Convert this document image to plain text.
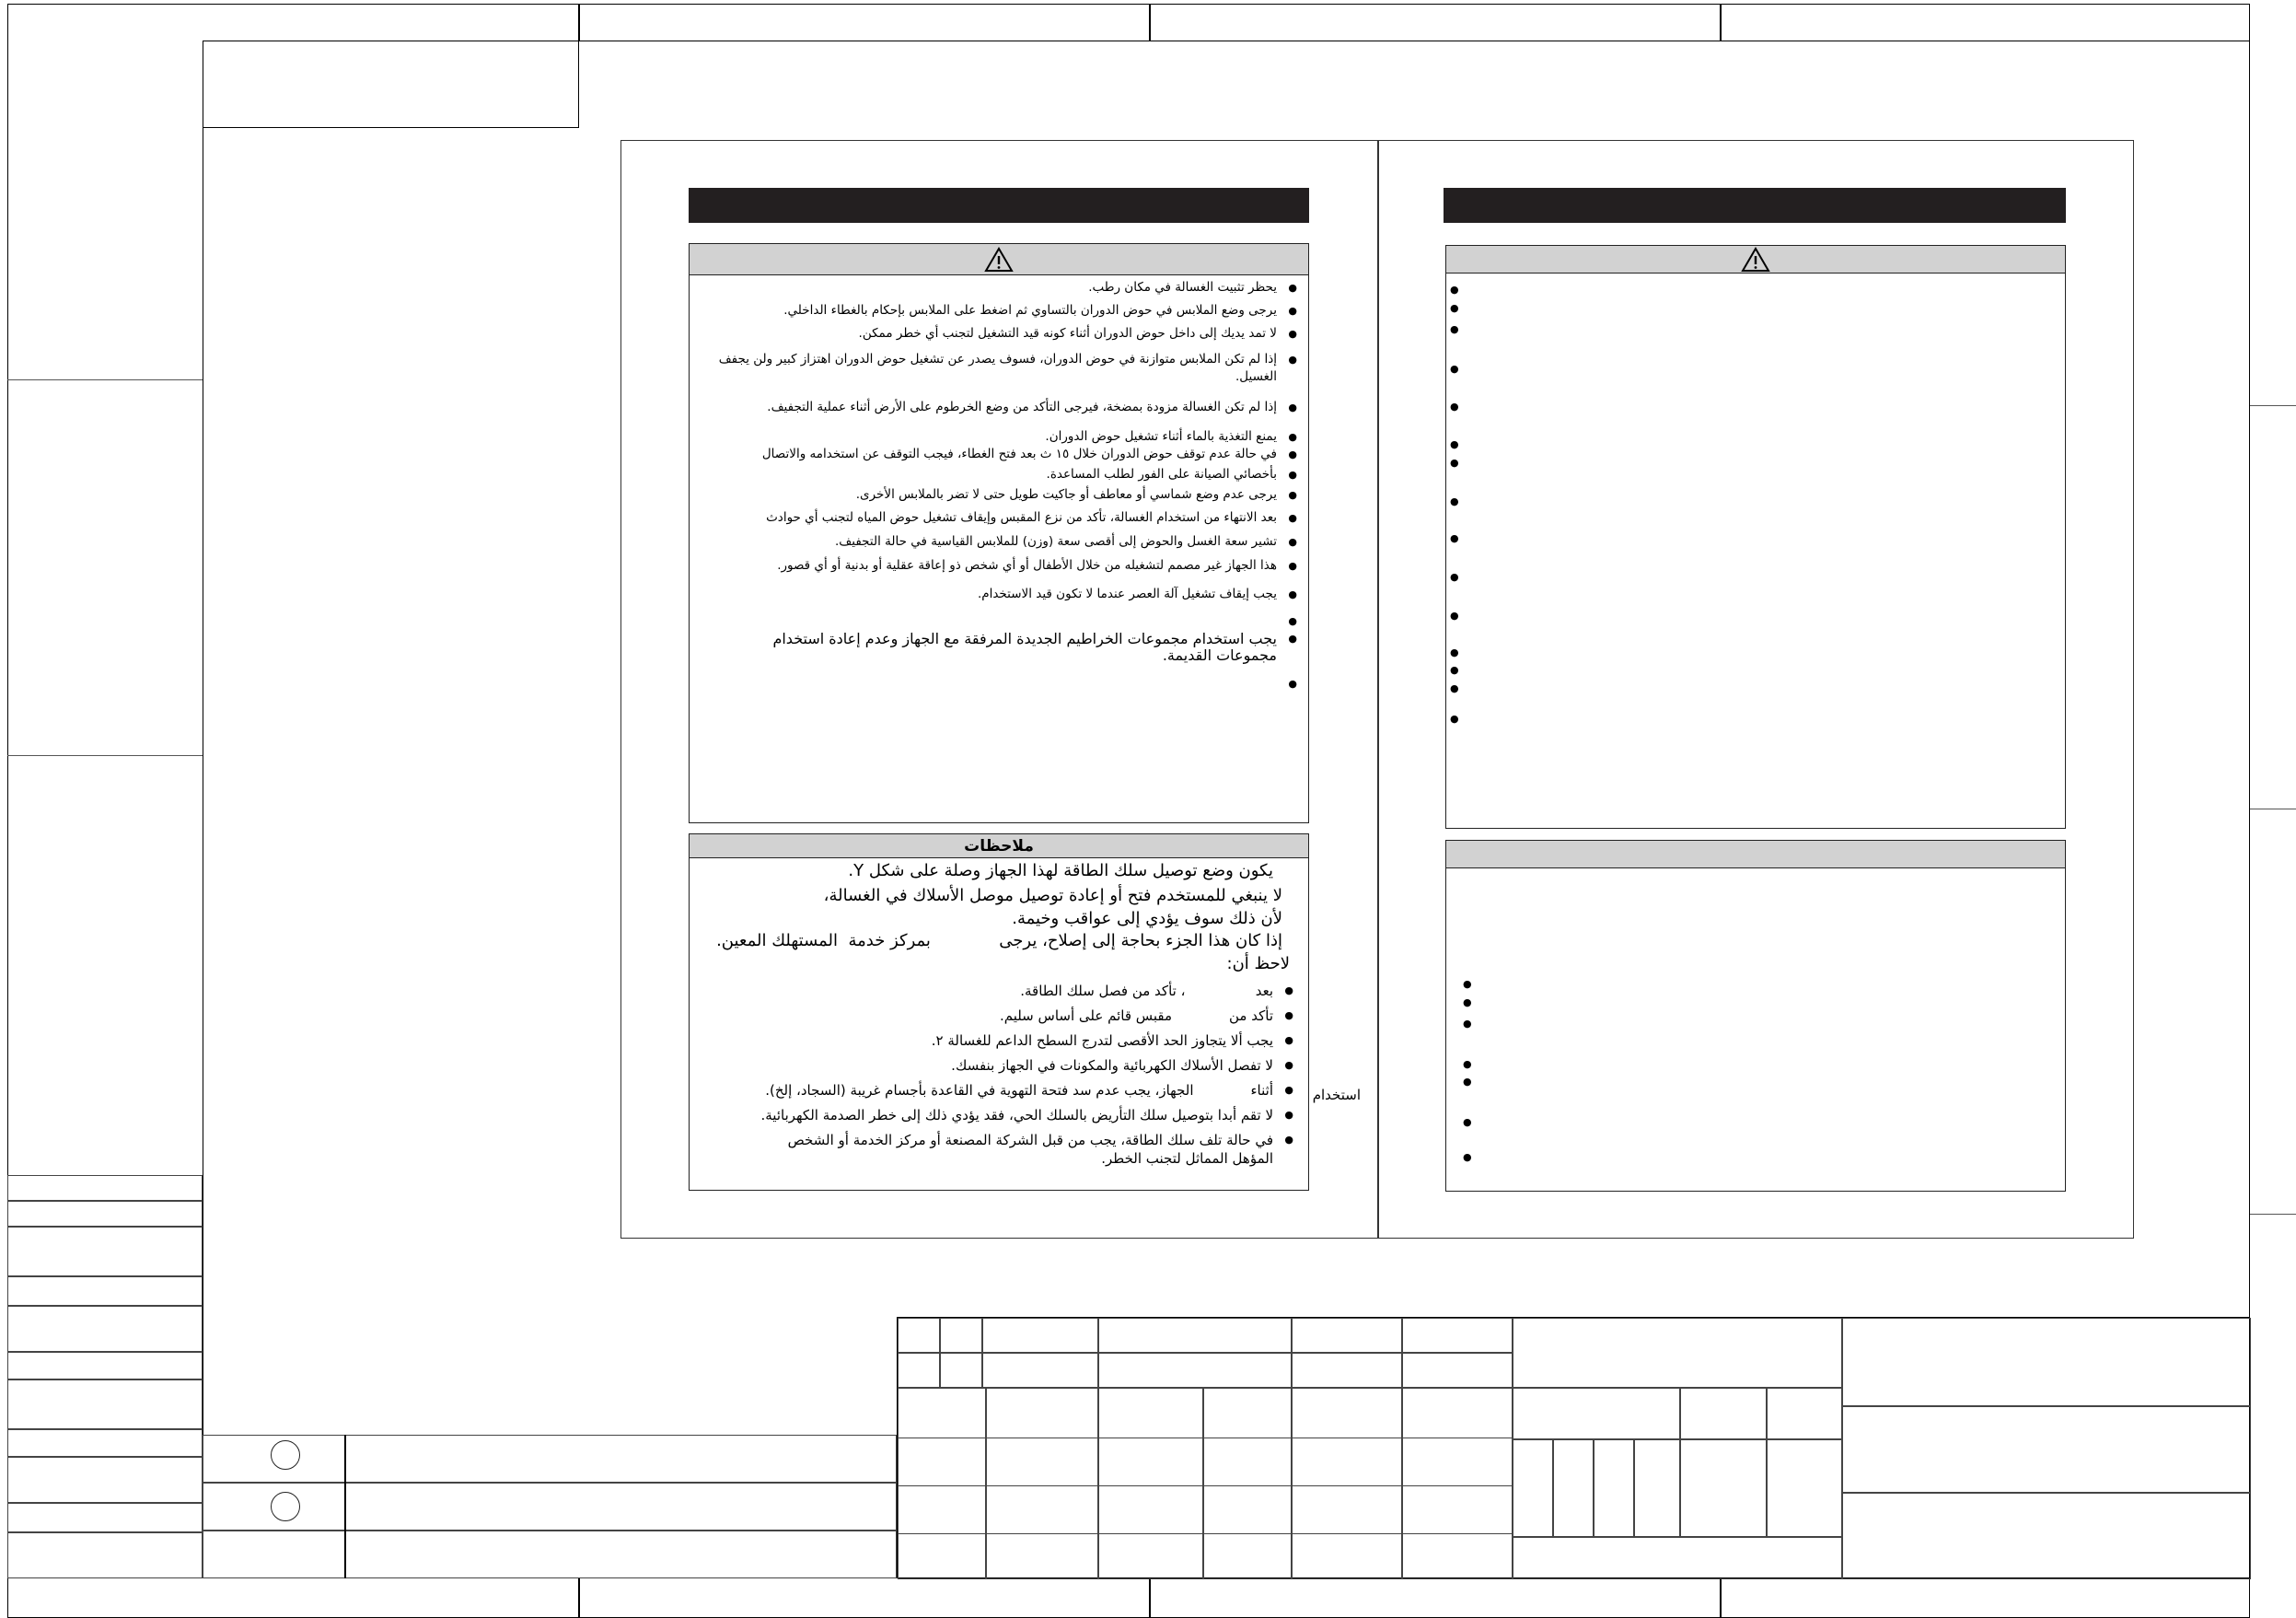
● يحظر تثبيت الغسالة في مكان رطب.
● يرجى وضع الملابس في حوض الدوران بالتساوي ثم اضغط على الملابس بإحكام بالغطاء الداخلي.
● لا تمد يديك إلى داخل حوض الدوران أثناء كونه قيد التشغيل لتجنب أي خطر ممكن.
● إذا لم تكن الملابس متوازنة في حوض الدوران، فسوف يصدر عن تشغيل حوض الدوران اهتزاز كبير ولن يجفف الغسيل.
● إذا لم تكن الغسالة مزودة بمضخة، فيرجى التأكد من وضع الخرطوم على الأرض أثناء عملية التجفيف.
● يمنع التغذية بالماء أثناء تشغيل حوض الدوران.
● في حالة عدم توقف حوض الدوران خلال ١٥ ث بعد فتح الغطاء، فيجب التوقف عن استخدامه والاتصال
● بأخصائي الصيانة على الفور لطلب المساعدة.
● يرجى عدم وضع شماسي أو معاطف أو جاكيت طويل حتى لا تضر بالملابس الأخرى.
● بعد الانتهاء من استخدام الغسالة، تأكد من نزع المقبس وإيقاف تشغيل حوض المياه لتجنب أي حوادث
● تشير سعة الغسل والحوض إلى أقصى سعة (وزن) للملابس القياسية في حالة التجفيف.
● هذا الجهاز غير مصمم لتشغيله من خلال الأطفال أو أي شخص ذو إعاقة عقلية أو بدنية أو أي قصور.
● يجب إيقاف تشغيل آلة العصر عندما لا تكون قيد الاستخدام.
● يجب استخدام مجموعات الخراطيم الجديدة المرفقة مع الجهاز وعدم إعادة استخدام مجموعات القديمة.
ملاحظات
يكون وضع توصيل سلك الطاقة لهذا الجهاز وصلة على شكل Y.
لا ينبغي للمستخدم فتح أو إعادة توصيل موصل الأسلاك في الغسالة،
لأن ذلك سوف يؤدي إلى عواقب وخيمة.
إذا كان هذا الجزء بحاجة إلى إصلاح، يرجى             بمركز خدمة  المستهلك المعين.
لاحظ أن:
● بعد                ، تأكد من فصل سلك الطاقة.
● تأكد من             مقبس قائم على أساس سليم.
● يجب ألا يتجاوز الحد الأقصى لتدرج السطح الداعم للغسالة ٢.
● لا تفصل الأسلاك الكهربائية والمكونات في الجهاز بنفسك.
● أثناء             الجهاز، يجب عدم سد فتحة التهوية في القاعدة بأجسام غريبة (السجاد، إلخ).
● لا تقم أبدا بتوصيل سلك التأريض بالسلك الحي، فقد يؤدي ذلك إلى خطر الصدمة الكهربائية.
● في حالة تلف سلك الطاقة، يجب من قبل الشركة المصنعة أو مركز الخدمة أو الشخص المؤهل المماثل لتجنب الخطر.
استخدام
●
●
●
●
●
●
●
●
●
●
●
●
●
●
●
●
●
●
●
●
●
●
